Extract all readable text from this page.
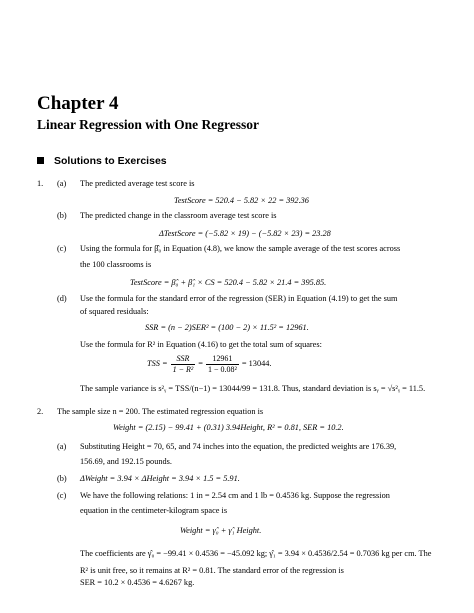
Chapter 4
Linear Regression with One Regressor
Solutions to Exercises
1. (a) The predicted average test score is
TestScore = 520.4 − 5.82 × 22 = 392.36
(b) The predicted change in the classroom average test score is
ΔTestScore = (−5.82 × 19) − (−5.82 × 23) = 23.28
(c) Using the formula for β̂₀ in Equation (4.8), we know the sample average of the test scores across
the 100 classrooms is
TestScore = β̂₀ + β̂₁ × CS = 520.4 − 5.82 × 21.4 = 395.85.
(d) Use the formula for the standard error of the regression (SER) in Equation (4.19) to get the sum
of squared residuals:
SSR = (n − 2)SER² = (100 − 2) × 11.5² = 12961.
Use the formula for R² in Equation (4.16) to get the total sum of squares:
TSS = $\frac{\text{SSR}}{\text{1 − R²}} = \frac{12961}{\text{1 − 0.08²}} = 13044$.
The sample variance is s²ᵧ = TSS/(n−1) = 13044/99 = 131.8. Thus, standard deviation is sᵧ = √s²ᵧ = 11.5.
2. The sample size n = 200. The estimated regression equation is
Weight = (2.15) − 99.41 + (0.31) 3.94Height, R² = 0.81, SER = 10.2.
(a) Substituting Height = 70, 65, and 74 inches into the equation, the predicted weights are 176.39,
156.69, and 192.15 pounds.
(b) ΔWeight = 3.94 × ΔHeight = 3.94 × 1.5 = 5.91.
(c) We have the following relations: 1 in = 2.54 cm and 1 lb = 0.4536 kg. Suppose the regression
equation in the centimeter-kilogram space is
Weight = γ̂₀ + γ̂₁ Height.
The coefficients are γ̂₀ = −99.41 × 0.4536 = −45.092 kg; γ̂₁ = 3.94 × 0.4536/2.54 = 0.7036 kg per cm. The
R² is unit free, so it remains at R² = 0.81. The standard error of the regression is
SER = 10.2 × 0.4536 = 4.6267 kg.
